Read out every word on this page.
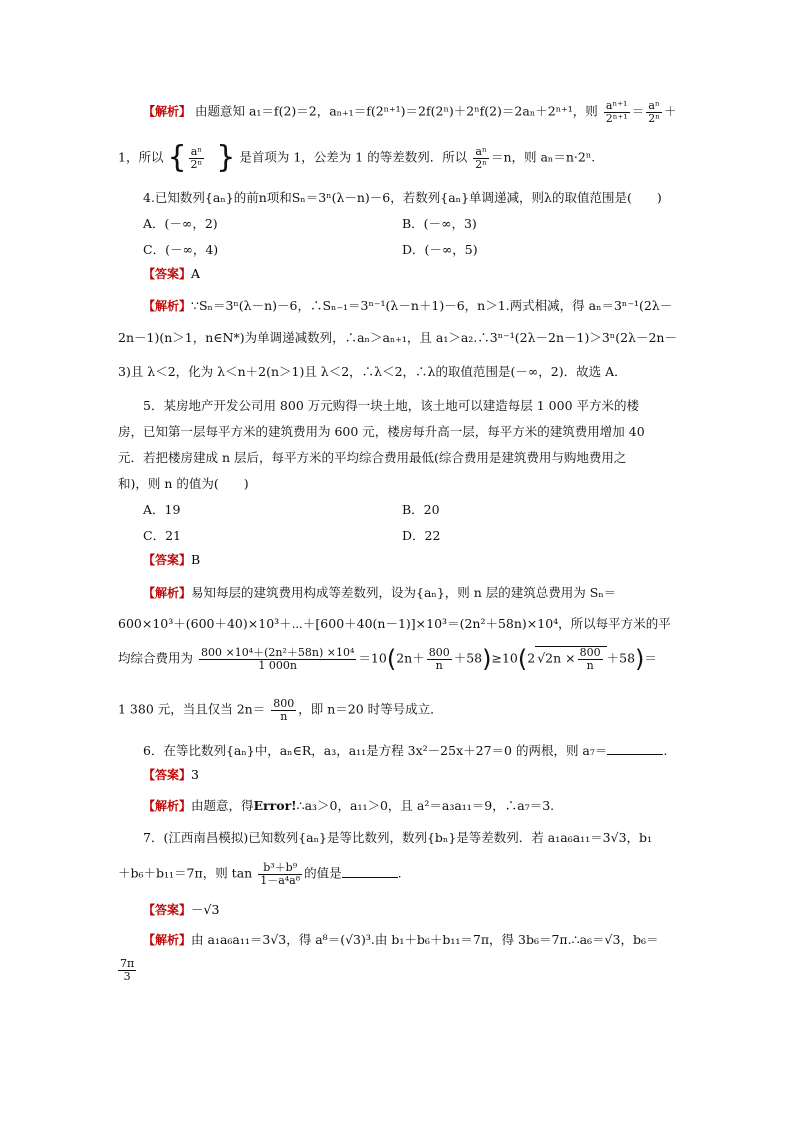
【解析】 由题意知 a₁＝f(2)＝2，aₙ₊₁＝f(2ⁿ⁺¹)＝2f(2ⁿ)＋2ⁿf(2)＝2aₙ＋2ⁿ⁺¹，则 $\frac{\text{aⁿ⁺¹}}{\text{2ⁿ⁺¹}} = \frac{\text{aⁿ}}{\text{2ⁿ}}$ ＋
1，所以 { $\frac{\text{aⁿ}}{\text{2ⁿ}}$ } 是首项为 1，公差为 1 的等差数列．所以 $\frac{\text{aⁿ}}{\text{2ⁿ}} =n$，则 aₙ＝n·2ⁿ.
4.已知数列{aₙ}的前n项和Sₙ＝3ⁿ(λ－n)－6，若数列{aₙ}单调递减，则λ的取值范围是(　　)
A．(－∞，2)	B．(－∞，3)
C．(－∞，4)	D．(－∞，5)
【答案】A
【解析】∵Sₙ＝3ⁿ(λ－n)－6，∴Sₙ₋₁＝3ⁿ⁻¹(λ－n＋1)－6，n＞1.两式相减，得 aₙ＝3ⁿ⁻¹(2λ－
2n－1)(n＞1，n∈N*)为单调递减数列，∴aₙ＞aₙ₊₁，且 a₁＞a₂.∴3ⁿ⁻¹(2λ－2n－1)＞3ⁿ(2λ－2n－
3)且 λ＜2，化为 λ＜n＋2(n＞1)且 λ＜2，∴λ＜2，∴λ的取值范围是(－∞，2)．故选 A．
5．某房地产开发公司用 800 万元购得一块土地，该土地可以建造每层 1 000 平方米的楼
房，已知第一层每平方米的建筑费用为 600 元，楼房每升高一层，每平方米的建筑费用增加 40
元．若把楼房建成 n 层后，每平方米的平均综合费用最低(综合费用是建筑费用与购地费用之
和)，则 n 的值为(　　)
A．19	B．20
C．21	D．22
【答案】B
【解析】易知每层的建筑费用构成等差数列，设为{aₙ}，则 n 层的建筑总费用为 Sₙ＝
600×10³＋(600＋40)×10³＋⋯＋[600＋40(n－1)]×10³＝(2n²＋58n)×10⁴，所以每平方米的平
均综合费用为 $\frac{\text{800 ×10⁴＋(2n²＋58n) ×10⁴}}{1 000n} =10(2n+ \frac{800}{n} +58)\ge 10(2$ $√2n \times \frac{800}{n} +58)=$
1 380 元，当且仅当 $2n= \frac{800}{n}$ ，即 n＝20 时等号成立．
6．在等比数列{aₙ}中，aₙ∈R，a₃，a₁₁是方程 3x²－25x＋27＝0 的两根，则 a₇＝	.
【答案】3
【解析】由题意，得Error!∴a₃＞0，a₁₁＞0，且 a²＝a₃a₁₁＝9，∴a₇＝3.
7．(江西南昌模拟)已知数列{aₙ}是等比数列，数列{bₙ}是等差数列．若 a₁a₆a₁₁＝3√3，b₁
＋b₆＋b₁₁＝7π，则 $\tan \frac{\text{b³＋b⁹}}{\text{1－a⁴a⁸}}$ 的值是	.
【答案】－√3
【解析】由 a₁a₆a₁₁＝3√3，得 a⁸＝(√3)³.由 b₁＋b₆＋b₁₁＝7π，得 3b₆＝7π.∴a₆＝√3，b₆＝
$\frac{7\pi}{3}$
